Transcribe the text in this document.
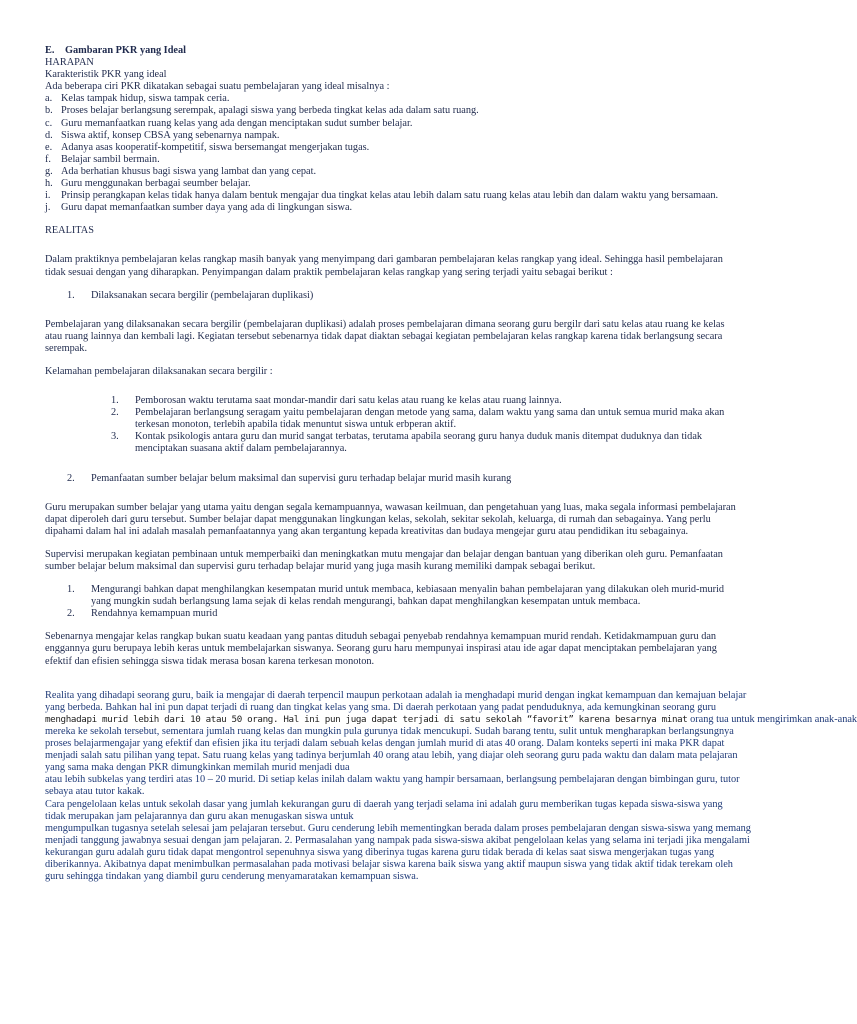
E. Gambaran PKR yang Ideal
HARAPAN
Karakteristik PKR yang ideal
Ada beberapa ciri PKR dikatakan sebagai suatu pembelajaran yang ideal misalnya :
a. Kelas tampak hidup, siswa tampak ceria.
b. Proses belajar berlangsung serempak, apalagi siswa yang berbeda tingkat kelas ada dalam satu ruang.
c. Guru memanfaatkan ruang kelas yang ada dengan menciptakan sudut sumber belajar.
d. Siswa aktif, konsep CBSA yang sebenarnya nampak.
e. Adanya asas kooperatif-kompetitif, siswa bersemangat mengerjakan tugas.
f. Belajar sambil bermain.
g. Ada berhatian khusus bagi siswa yang lambat dan yang cepat.
h. Guru menggunakan berbagai seumber belajar.
i.	Prinsip perangkapan kelas tidak hanya dalam bentuk mengajar dua tingkat kelas atau lebih dalam satu ruang kelas atau lebih dan dalam waktu yang bersamaan.
j.	Guru dapat memanfaatkan sumber daya yang ada di lingkungan siswa.
REALITAS
Dalam praktiknya pembelajaran kelas rangkap masih banyak yang menyimpang dari gambaran pembelajaran kelas rangkap yang ideal. Sehingga hasil pembelajaran
tidak sesuai dengan yang diharapkan. Penyimpangan dalam praktik pembelajaran kelas rangkap yang sering terjadi yaitu sebagai berikut :
1.	Dilaksanakan secara bergilir (pembelajaran duplikasi)
Pembelajaran yang dilaksanakan secara bergilir (pembelajaran duplikasi) adalah proses pembelajaran dimana seorang guru bergilr dari satu kelas atau ruang ke kelas
atau ruang lainnya dan kembali lagi. Kegiatan tersebut sebenarnya tidak dapat diaktan sebagai kegiatan pembelajaran kelas rangkap karena tidak berlangsung secara
serempak.
Kelamahan pembelajaran dilaksanakan secara bergilir :
1.	Pemborosan waktu terutama saat mondar-mandir dari satu kelas atau ruang ke kelas atau ruang lainnya.
2.	Pembelajaran berlangsung seragam yaitu pembelajaran dengan metode yang sama, dalam waktu yang sama dan untuk semua murid maka akan
terkesan monoton, terlebih apabila tidak menuntut siswa untuk erbperan aktif.
3.	Kontak psikologis antara guru dan murid sangat terbatas, terutama apabila seorang guru hanya duduk manis ditempat duduknya dan tidak
menciptakan suasana aktif dalam pembelajarannya.
2.	Pemanfaatan sumber belajar belum maksimal dan supervisi guru terhadap belajar murid masih kurang
Guru merupakan sumber belajar yang utama yaitu dengan segala kemampuannya, wawasan keilmuan, dan pengetahuan yang luas, maka segala informasi pembelajaran
dapat diperoleh dari guru tersebut. Sumber belajar dapat menggunakan lingkungan kelas, sekolah, sekitar sekolah, keluarga, di rumah dan sebagainya. Yang perlu
dipahami dalam hal ini adalah masalah pemanfaatannya yang akan tergantung kepada kreativitas dan budaya mengejar guru atau pendidikan itu sebagainya.
Supervisi merupakan kegiatan pembinaan untuk memperbaiki dan meningkatkan mutu mengajar dan belajar dengan bantuan yang diberikan oleh guru. Pemanfaatan
sumber belajar belum maksimal dan supervisi guru terhadap belajar murid yang juga masih kurang memiliki dampak sebagai berikut.
1.	Mengurangi bahkan dapat menghilangkan kesempatan murid untuk membaca, kebiasaan menyalin bahan pembelajaran yang dilakukan oleh murid-murid
yang mungkin sudah berlangsung lama sejak di kelas rendah mengurangi, bahkan dapat menghilangkan kesempatan untuk membaca.
2.	Rendahnya kemampuan murid
Sebenarnya mengajar kelas rangkap bukan suatu keadaan yang pantas dituduh sebagai penyebab rendahnya kemampuan murid rendah. Ketidakmampuan guru dan
enggannya guru berupaya lebih keras untuk membelajarkan siswanya. Seorang guru haru mempunyai inspirasi atau ide agar dapat menciptakan pembelajaran yang
efektif dan efisien sehingga siswa tidak merasa bosan karena terkesan monoton.
Realita yang dihadapi seorang guru, baik ia mengajar di daerah terpencil maupun perkotaan adalah ia menghadapi murid dengan ingkat kemampuan dan kemajuan belajar
yang berbeda. Bahkan hal ini pun dapat terjadi di ruang dan tingkat kelas yang sma. Di daerah perkotaan yang padat penduduknya, ada kemungkinan seorang guru
menghadapi murid lebih dari 10 atau 50 orang. Hal ini pun juga dapat terjadi di satu sekolah “favorit” karena besarnya minat orang tua untuk mengirimkan anak-anak
mereka ke sekolah tersebut, sementara jumlah ruang kelas dan mungkin pula gurunya tidak mencukupi. Sudah barang tentu, sulit untuk mengharapkan berlangsungnya
proses belajarmengajar yang efektif dan efisien jika itu terjadi dalam sebuah kelas dengan jumlah murid di atas 40 orang. Dalam konteks seperti ini maka PKR dapat
menjadi salah satu pilihan yang tepat. Satu ruang kelas yang tadinya berjumlah 40 orang atau lebih, yang diajar oleh seorang guru pada waktu dan dalam mata pelajaran
yang sama maka dengan PKR dimungkinkan memilah murid menjadi dua
atau lebih subkelas yang terdiri atas 10 – 20 murid. Di setiap kelas inilah dalam waktu yang hampir bersamaan, berlangsung pembelajaran dengan bimbingan guru, tutor
sebaya atau tutor kakak.
Cara pengelolaan kelas untuk sekolah dasar yang jumlah kekurangan guru di daerah yang terjadi selama ini adalah guru memberikan tugas kepada siswa-siswa yang
tidak merupakan jam pelajarannya dan guru akan menugaskan siswa untuk
mengumpulkan tugasnya setelah selesai jam pelajaran tersebut. Guru cenderung lebih mementingkan berada dalam proses pembelajaran dengan siswa-siswa yang memang
menjadi tanggung jawabnya sesuai dengan jam pelajaran. 2. Permasalahan yang nampak pada siswa-siswa akibat pengelolaan kelas yang selama ini terjadi jika mengalami
kekurangan guru adalah guru tidak dapat mengontrol sepenuhnya siswa yang diberinya tugas karena guru tidak berada di kelas saat siswa mengerjakan tugas yang
diberikannya. Akibatnya dapat menimbulkan permasalahan pada motivasi belajar siswa karena baik siswa yang aktif maupun siswa yang tidak aktif tidak terekam oleh
guru sehingga tindakan yang diambil guru cenderung menyamaratakan kemampuan siswa.
